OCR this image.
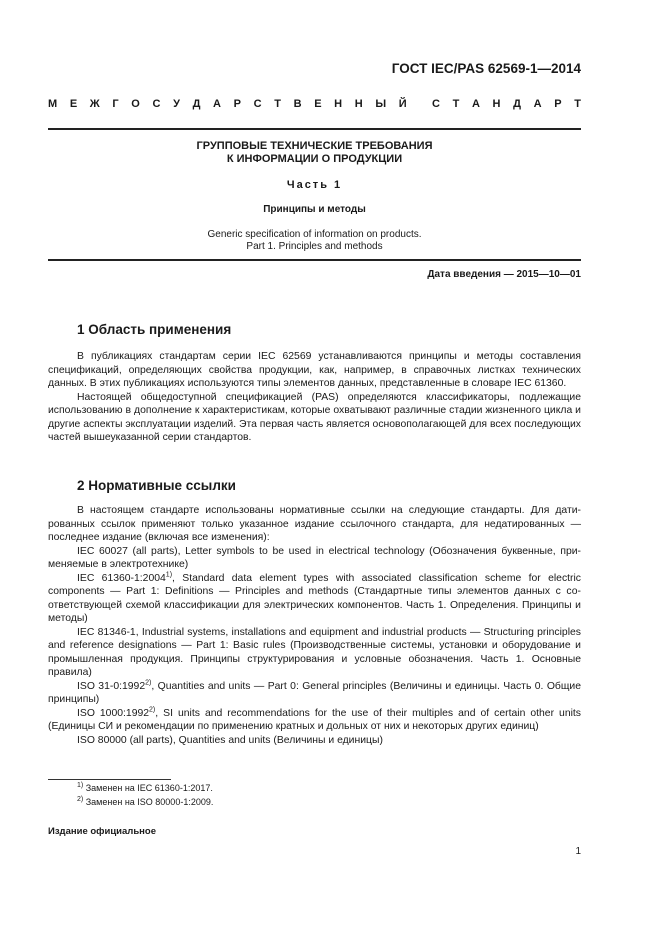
ГОСТ IEC/PAS 62569-1—2014
М Е Ж Г О С У Д А Р С Т В Е Н Н Ы Й С Т А Н Д А Р Т
ГРУППОВЫЕ ТЕХНИЧЕСКИЕ ТРЕБОВАНИЯ
К ИНФОРМАЦИИ О ПРОДУКЦИИ
Часть 1
Принципы и методы
Generic specification of information on products.
Part 1. Principles and methods
Дата введения — 2015—10—01
1 Область применения

В публикациях стандартам серии IEC 62569 устанавливаются принципы и методы составления спецификаций, определяющих свойства продукции, как, например, в справочных листках технических данных. В этих публикациях используются типы элементов данных, представленные в словаре IEC 61360.

Настоящей общедоступной спецификацией (PAS) определяются классификаторы, подлежащие использованию в дополнение к характеристикам, которые охватывают различные стадии жизненного цикла и другие аспекты эксплуатации изделий. Эта первая часть является основополагающей для всех последующих частей вышеуказанной серии стандартов.

2 Нормативные ссылки

В настоящем стандарте использованы нормативные ссылки на следующие стандарты. Для датированных ссылок применяют только указанное издание ссылочного стандарта, для недатированных — последнее издание (включая все изменения):

IEC 60027 (all parts), Letter symbols to be used in electrical technology (Обозначения буквенные, применяемые в электротехнике)

IEC 61360-1:2004$^{1)}$, Standard data element types with associated classification scheme for electric components — Part 1: Definitions — Principles and methods (Стандартные типы элементов данных с соответствующей схемой классификации для электрических компонентов. Часть 1. Определения. Принципы и методы)

IEC 81346-1, Industrial systems, installations and equipment and industrial products — Structuring principles and reference designations — Part 1: Basic rules (Производственные системы, установки и оборудование и промышленная продукция. Принципы структурирования и условные обозначения. Часть 1. Основные правила)

ISO 31-0:1992$^{2)}$, Quantities and units — Part 0: General principles (Величины и единицы. Часть 0. Общие принципы)

ISO 1000:1992$^{2)}$, SI units and recommendations for the use of their multiples and of certain other units (Единицы СИ и рекомендации по применению кратных и дольных от них и некоторых других единиц)

ISO 80000 (all parts), Quantities and units (Величины и единицы)

$^{1)}$ Заменен на IEC 61360-1:2017.
$^{2)}$ Заменен на ISO 80000-1:2009.
Издание официальное
1
